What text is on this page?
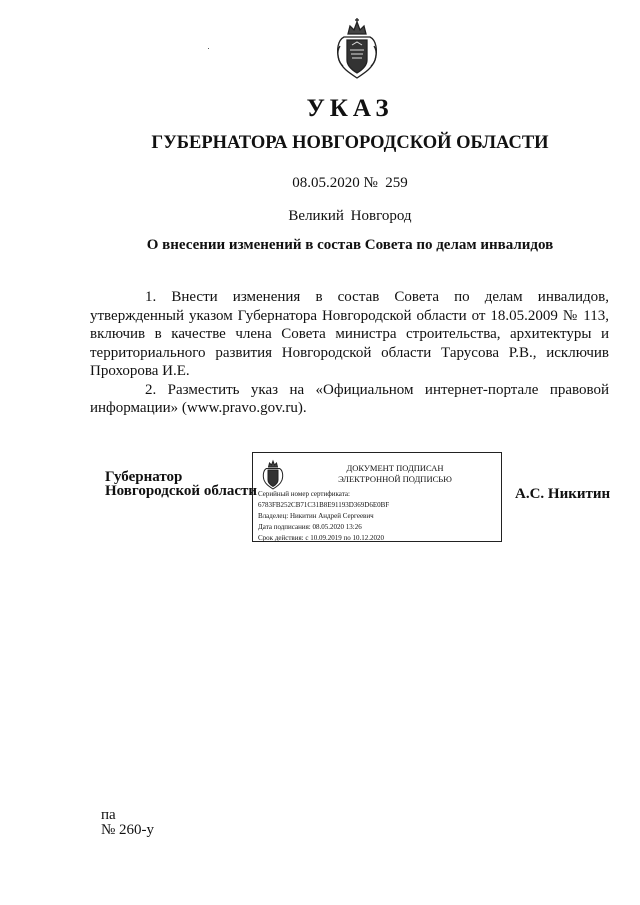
УКАЗ
ГУБЕРНАТОРА НОВГОРОДСКОЙ ОБЛАСТИ
08.05.2020 № 259
Великий Новгород
О внесении изменений в состав Совета по делам инвалидов

1. Внести изменения в состав Совета по делам инвалидов, утвержденный указом Губернатора Новгородской области от 18.05.2009 № 113, включив в качестве члена Совета министра строительства, архитектуры и территориального развития Новгородской области Тарусова Р.В., исключив Прохорова И.Е.

2. Разместить указ на «Официальном интернет-портале правовой информации» (www.pravo.gov.ru).

Губернатор
Новгородской области
ДОКУМЕНТ ПОДПИСАН
ЭЛЕКТРОННОЙ ПОДПИСЬЮ
Серийный номер сертификата:
6783FB252CB71C31B8E91193D369D6E0BF
Владелец: Никитин Андрей Сергеевич
Дата подписания: 08.05.2020 13:26
Срок действия: с 10.09.2019 по 10.12.2020
А.С. Никитин
па
№ 260-у
